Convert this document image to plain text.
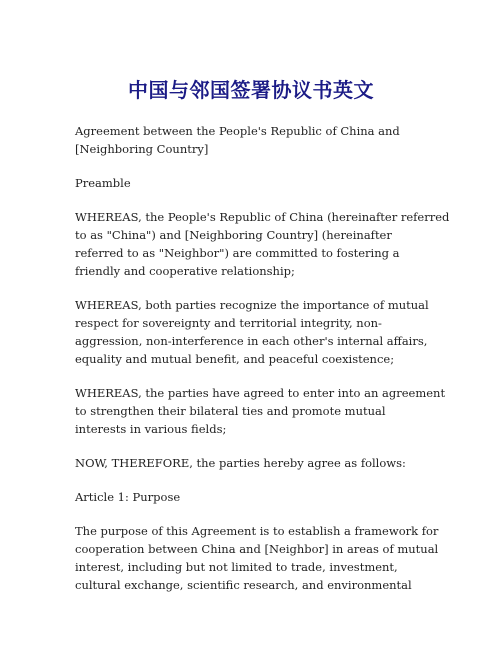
中国与邻国签署协议书英文
Agreement between the People's Republic of China and
[Neighboring Country]
Preamble
WHEREAS, the People's Republic of China (hereinafter referred
to as "China") and [Neighboring Country] (hereinafter
referred to as "Neighbor") are committed to fostering a
friendly and cooperative relationship;
WHEREAS, both parties recognize the importance of mutual
respect for sovereignty and territorial integrity, non-
aggression, non-interference in each other's internal affairs,
equality and mutual benefit, and peaceful coexistence;
WHEREAS, the parties have agreed to enter into an agreement
to strengthen their bilateral ties and promote mutual
interests in various fields;
NOW, THEREFORE, the parties hereby agree as follows:
Article 1: Purpose
The purpose of this Agreement is to establish a framework for
cooperation between China and [Neighbor] in areas of mutual
interest, including but not limited to trade, investment,
cultural exchange, scientific research, and environmental
